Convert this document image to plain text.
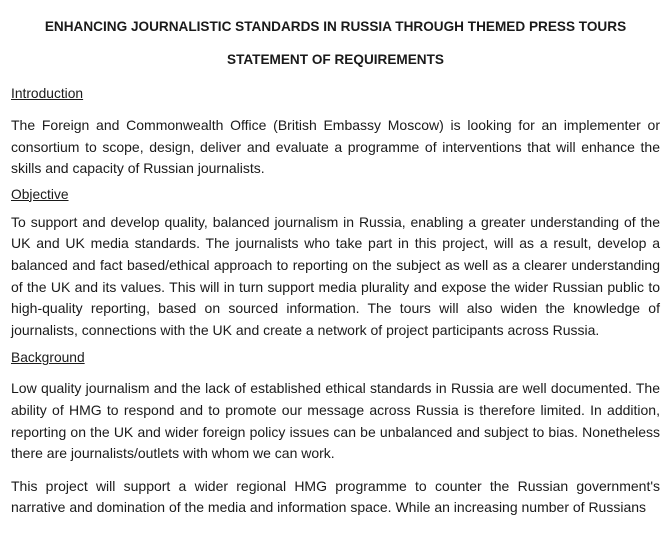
ENHANCING JOURNALISTIC STANDARDS IN RUSSIA THROUGH THEMED PRESS TOURS

STATEMENT OF REQUIREMENTS

Introduction

The Foreign and Commonwealth Office (British Embassy Moscow) is looking for an implementer or consortium to scope, design, deliver and evaluate a programme of interventions that will enhance the skills and capacity of Russian journalists.

Objective

To support and develop quality, balanced journalism in Russia, enabling a greater understanding of the UK and UK media standards. The journalists who take part in this project, will as a result, develop a balanced and fact based/ethical approach to reporting on the subject as well as a clearer understanding of the UK and its values. This will in turn support media plurality and expose the wider Russian public to high-quality reporting, based on sourced information. The tours will also widen the knowledge of journalists, connections with the UK and create a network of project participants across Russia.

Background

Low quality journalism and the lack of established ethical standards in Russia are well documented. The ability of HMG to respond and to promote our message across Russia is therefore limited. In addition, reporting on the UK and wider foreign policy issues can be unbalanced and subject to bias. Nonetheless there are journalists/outlets with whom we can work.

This project will support a wider regional HMG programme to counter the Russian government's narrative and domination of the media and information space. While an increasing number of Russians
